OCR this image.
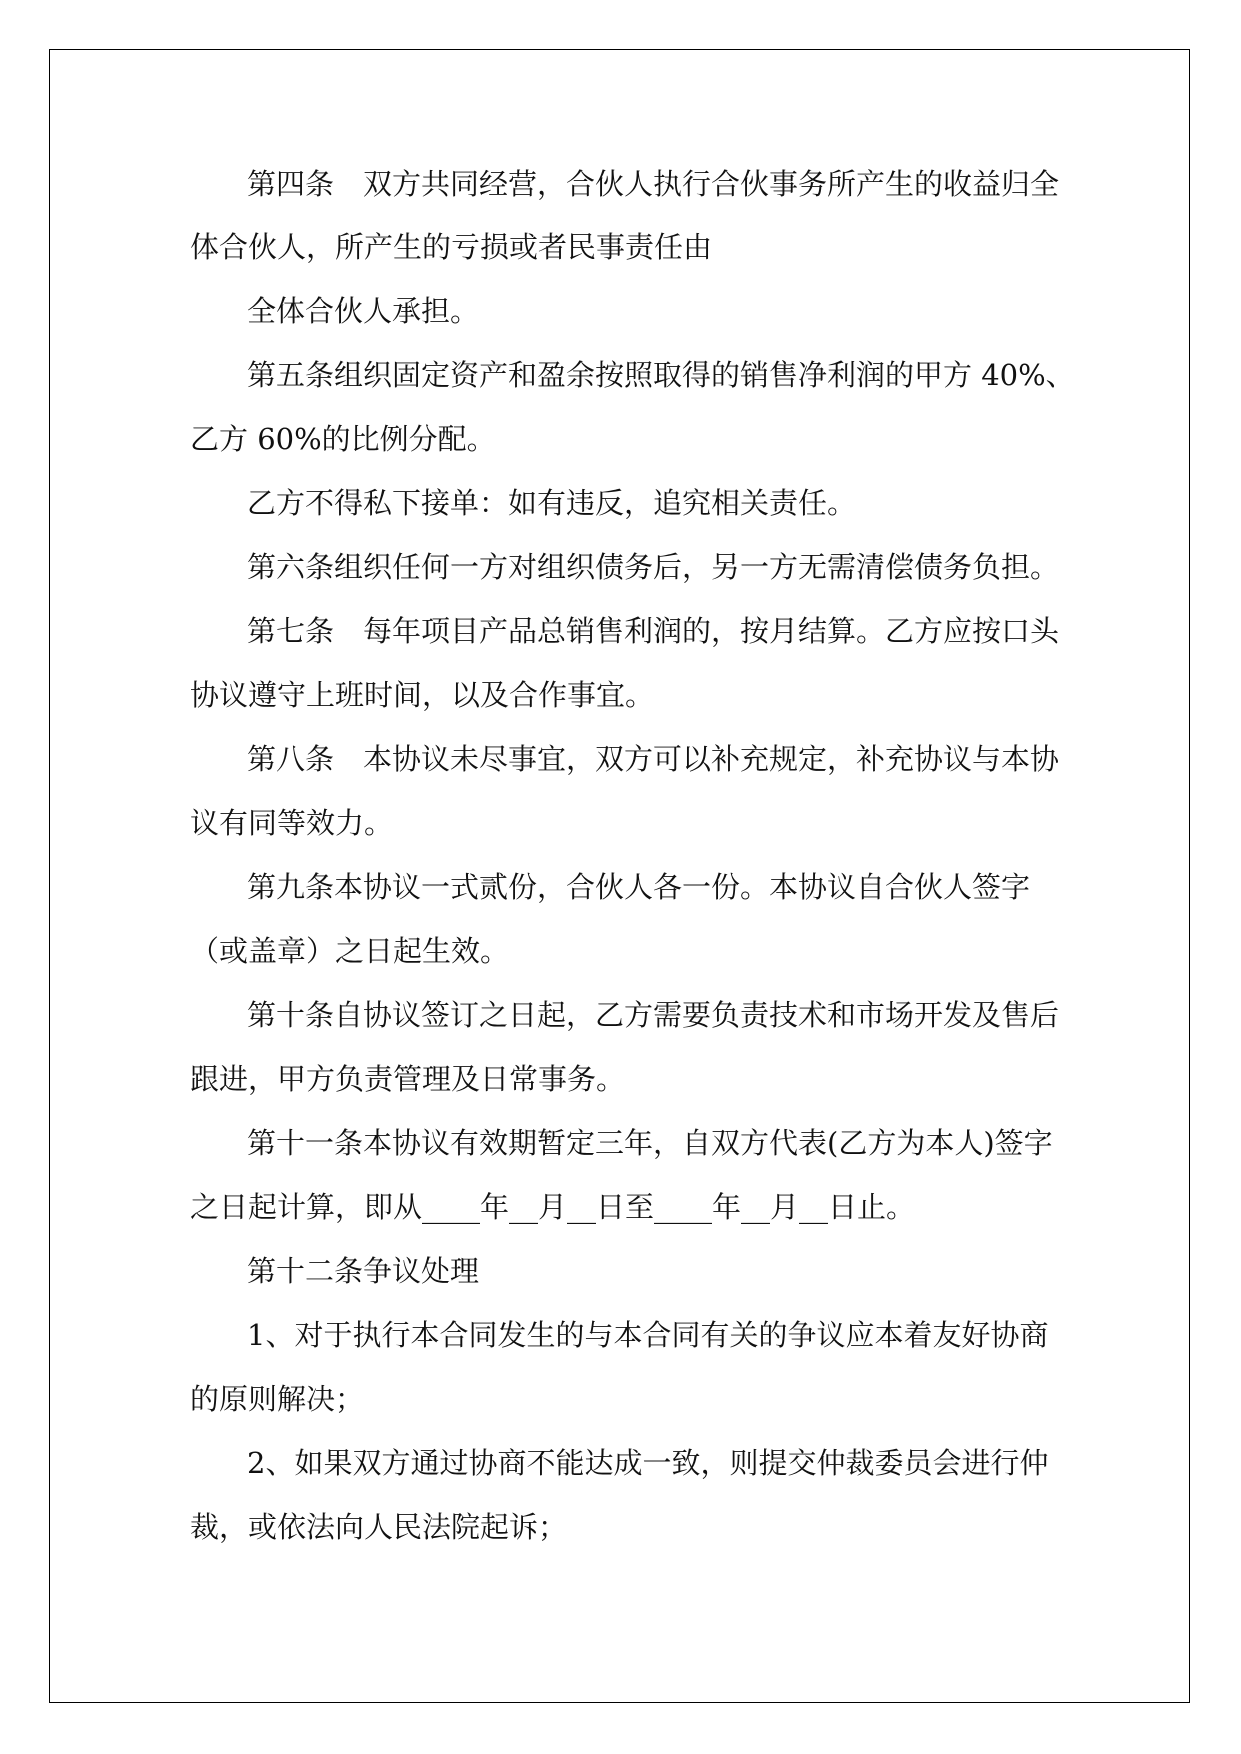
第四条　双方共同经营，合伙人执行合伙事务所产生的收益归全
体合伙人，所产生的亏损或者民事责任由
全体合伙人承担。
第五条组织固定资产和盈余按照取得的销售净利润的甲方 40%、
乙方 60%的比例分配。
乙方不得私下接单：如有违反，追究相关责任。
第六条组织任何一方对组织债务后，另一方无需清偿债务负担。
第七条　每年项目产品总销售利润的，按月结算。乙方应按口头
协议遵守上班时间，以及合作事宜。
第八条　本协议未尽事宜，双方可以补充规定，补充协议与本协
议有同等效力。
第九条本协议一式贰份，合伙人各一份。本协议自合伙人签字
（或盖章）之日起生效。
第十条自协议签订之日起，乙方需要负责技术和市场开发及售后
跟进，甲方负责管理及日常事务。
第十一条本协议有效期暂定三年，自双方代表(乙方为本人)签字
之日起计算，即从____年__月__日至____年__月__日止。
第十二条争议处理
1、对于执行本合同发生的与本合同有关的争议应本着友好协商
的原则解决；
2、如果双方通过协商不能达成一致，则提交仲裁委员会进行仲
裁，或依法向人民法院起诉；
